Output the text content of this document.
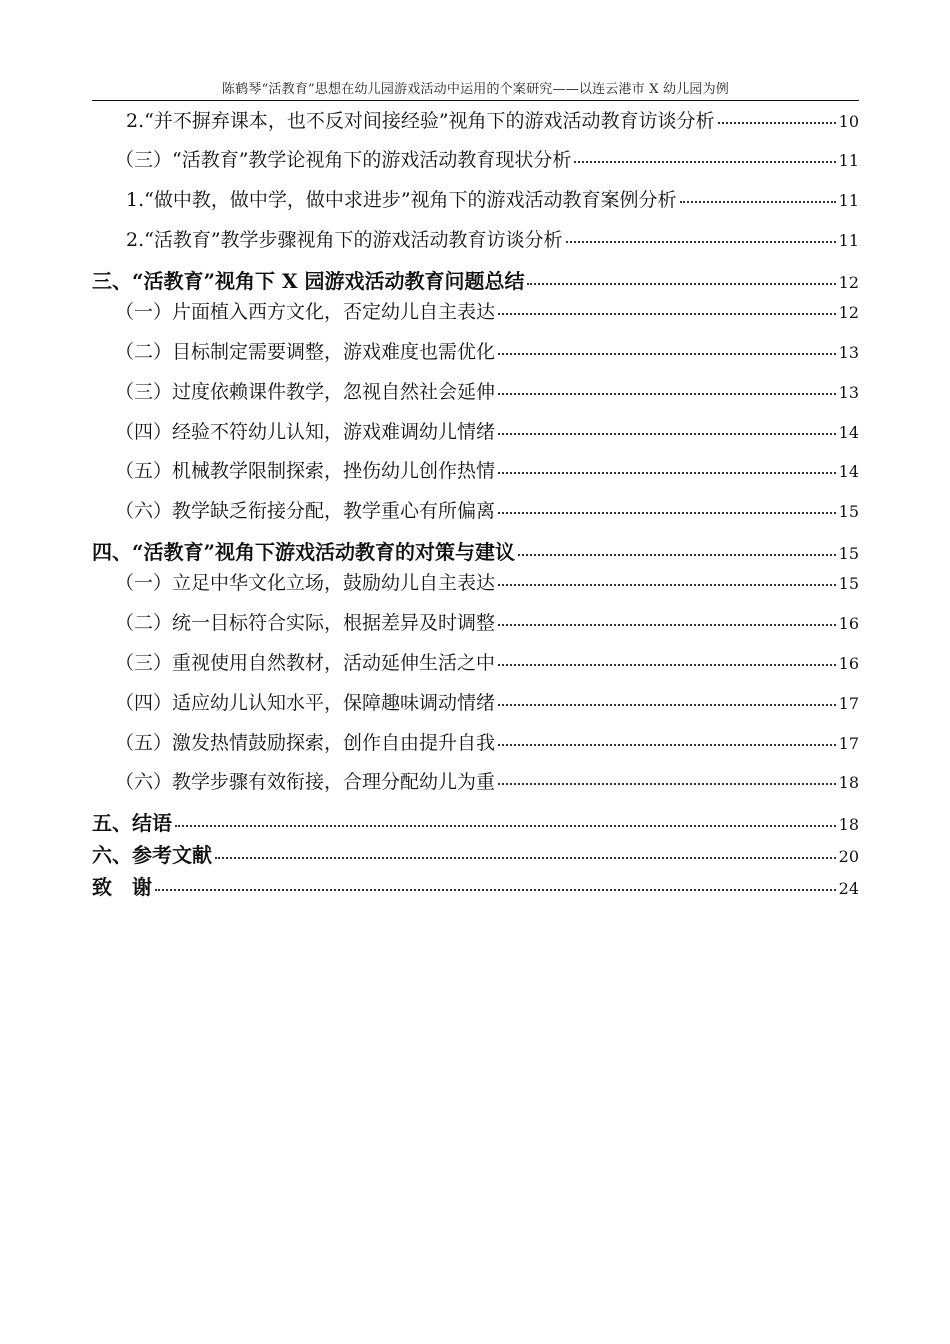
陈鹤琴“活教育”思想在幼儿园游戏活动中运用的个案研究——以连云港市 X 幼儿园为例
2.“并不摒弃课本，也不反对间接经验”视角下的游戏活动教育访谈分析	10
（三）“活教育”教学论视角下的游戏活动教育现状分析	11
1.“做中教，做中学，做中求进步”视角下的游戏活动教育案例分析	11
2.“活教育”教学步骤视角下的游戏活动教育访谈分析	11
三、“活教育”视角下 X 园游戏活动教育问题总结	12
（一）片面植入西方文化，否定幼儿自主表达	12
（二）目标制定需要调整，游戏难度也需优化	13
（三）过度依赖课件教学，忽视自然社会延伸	13
（四）经验不符幼儿认知，游戏难调幼儿情绪	14
（五）机械教学限制探索，挫伤幼儿创作热情	14
（六）教学缺乏衔接分配，教学重心有所偏离	15
四、“活教育”视角下游戏活动教育的对策与建议	15
（一）立足中华文化立场，鼓励幼儿自主表达	15
（二）统一目标符合实际，根据差异及时调整	16
（三）重视使用自然教材，活动延伸生活之中	16
（四）适应幼儿认知水平，保障趣味调动情绪	17
（五）激发热情鼓励探索，创作自由提升自我	17
（六）教学步骤有效衔接，合理分配幼儿为重	18
五、结语	18
六、参考文献	20
致　谢	24
